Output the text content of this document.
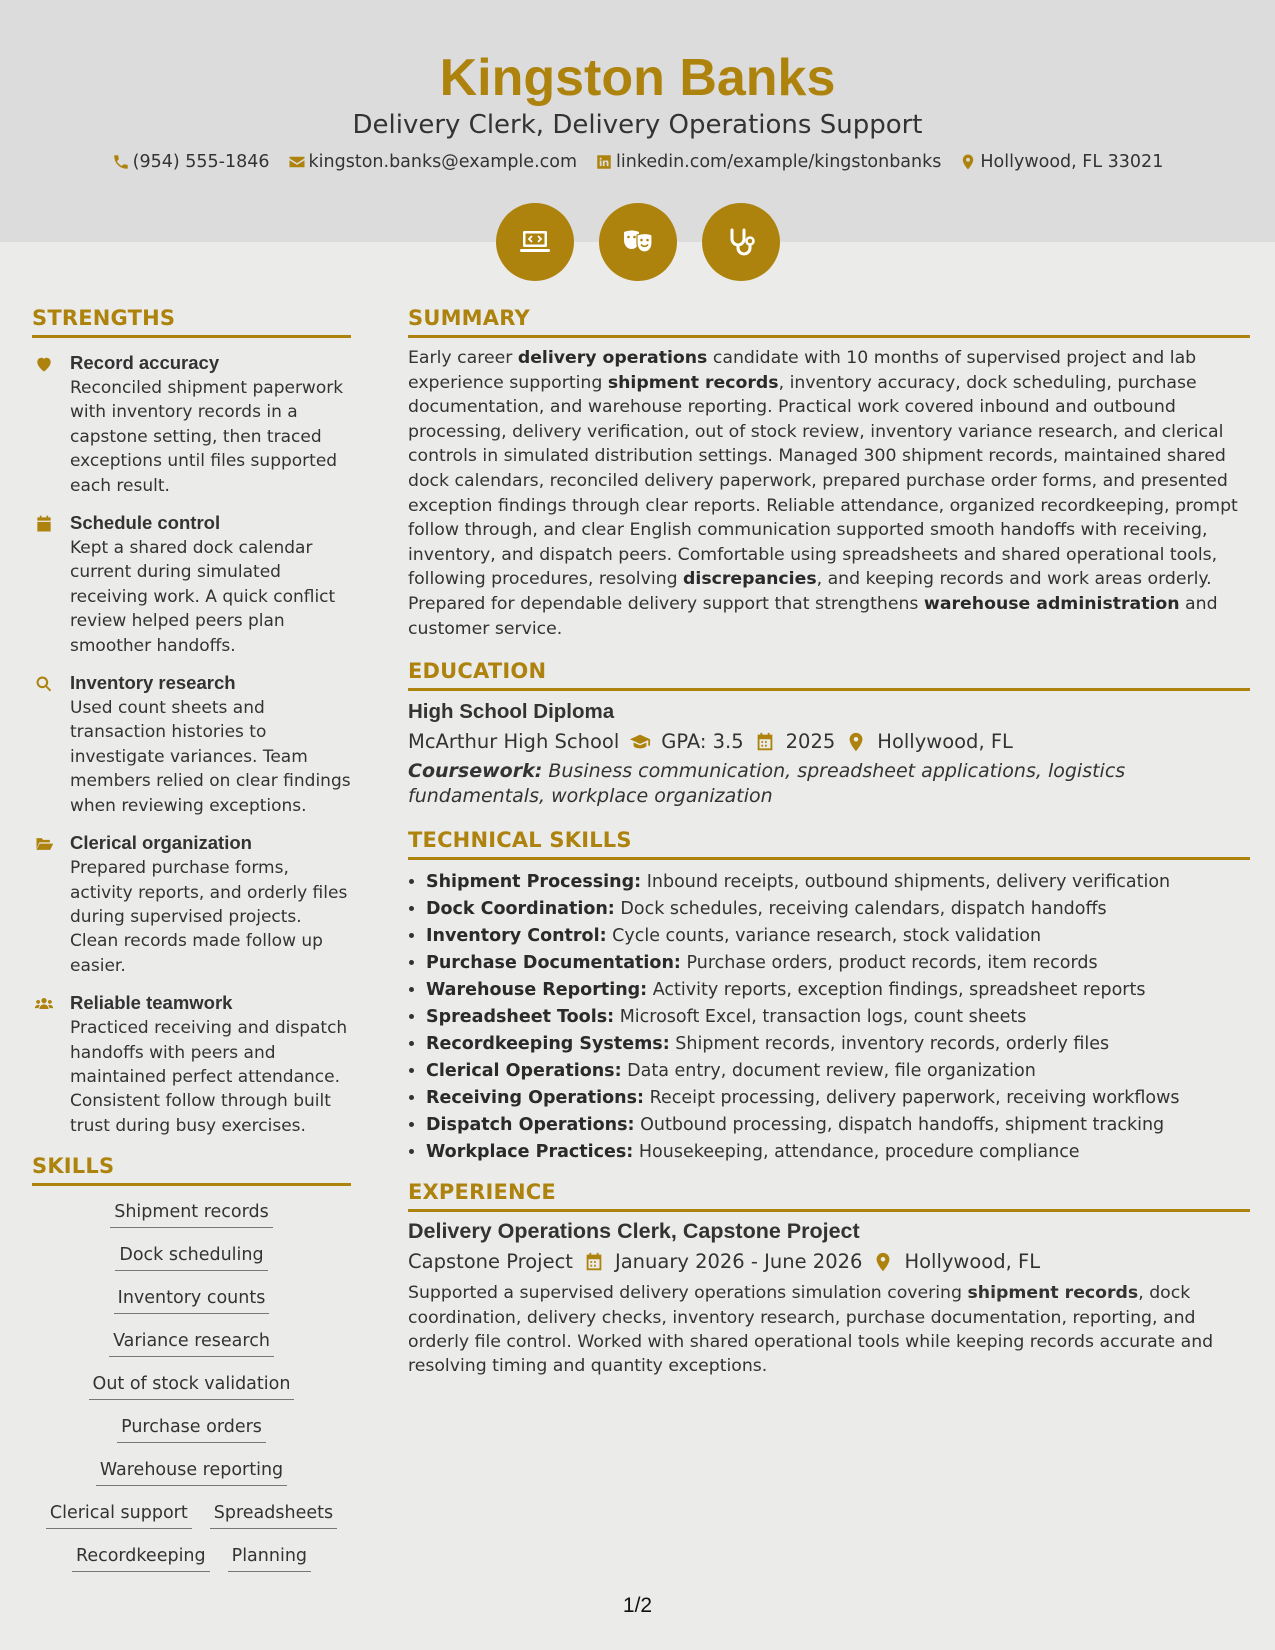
Kingston Banks
Delivery Clerk, Delivery Operations Support
(954) 555-1846 kingston.banks@example.com linkedin.com/example/kingstonbanks Hollywood, FL 33021
STRENGTHS
Record accuracy
Reconciled shipment paperwork with inventory records in a capstone setting, then traced exceptions until files supported each result.
Schedule control
Kept a shared dock calendar current during simulated receiving work. A quick conflict review helped peers plan smoother handoffs.
Inventory research
Used count sheets and transaction histories to investigate variances. Team members relied on clear findings when reviewing exceptions.
Clerical organization
Prepared purchase forms, activity reports, and orderly files during supervised projects. Clean records made follow up easier.
Reliable teamwork
Practiced receiving and dispatch handoffs with peers and maintained perfect attendance. Consistent follow through built trust during busy exercises.
SKILLS
Shipment records
Dock scheduling
Inventory counts
Variance research
Out of stock validation
Purchase orders
Warehouse reporting
Clerical support Spreadsheets
Recordkeeping Planning
SUMMARY

Early career delivery operations candidate with 10 months of supervised project and lab experience supporting shipment records, inventory accuracy, dock scheduling, purchase documentation, and warehouse reporting. Practical work covered inbound and outbound processing, delivery verification, out of stock review, inventory variance research, and clerical controls in simulated distribution settings. Managed 300 shipment records, maintained shared dock calendars, reconciled delivery paperwork, prepared purchase order forms, and presented exception findings through clear reports. Reliable attendance, organized recordkeeping, prompt follow through, and clear English communication supported smooth handoffs with receiving, inventory, and dispatch peers. Comfortable using spreadsheets and shared operational tools, following procedures, resolving discrepancies, and keeping records and work areas orderly. Prepared for dependable delivery support that strengthens warehouse administration and customer service.

EDUCATION
High School Diploma
McArthur High School GPA: 3.5 2025 Hollywood, FL
Coursework: Business communication, spreadsheet applications, logistics fundamentals, workplace organization
TECHNICAL SKILLS
• Shipment Processing: Inbound receipts, outbound shipments, delivery verification
• Dock Coordination: Dock schedules, receiving calendars, dispatch handoffs
• Inventory Control: Cycle counts, variance research, stock validation
• Purchase Documentation: Purchase orders, product records, item records
• Warehouse Reporting: Activity reports, exception findings, spreadsheet reports
• Spreadsheet Tools: Microsoft Excel, transaction logs, count sheets
• Recordkeeping Systems: Shipment records, inventory records, orderly files
• Clerical Operations: Data entry, document review, file organization
• Receiving Operations: Receipt processing, delivery paperwork, receiving workflows
• Dispatch Operations: Outbound processing, dispatch handoffs, shipment tracking
• Workplace Practices: Housekeeping, attendance, procedure compliance
EXPERIENCE
Delivery Operations Clerk, Capstone Project
Capstone Project January 2026 - June 2026 Hollywood, FL

Supported a supervised delivery operations simulation covering shipment records, dock coordination, delivery checks, inventory research, purchase documentation, reporting, and orderly file control. Worked with shared operational tools while keeping records accurate and resolving timing and quantity exceptions.

1/2
